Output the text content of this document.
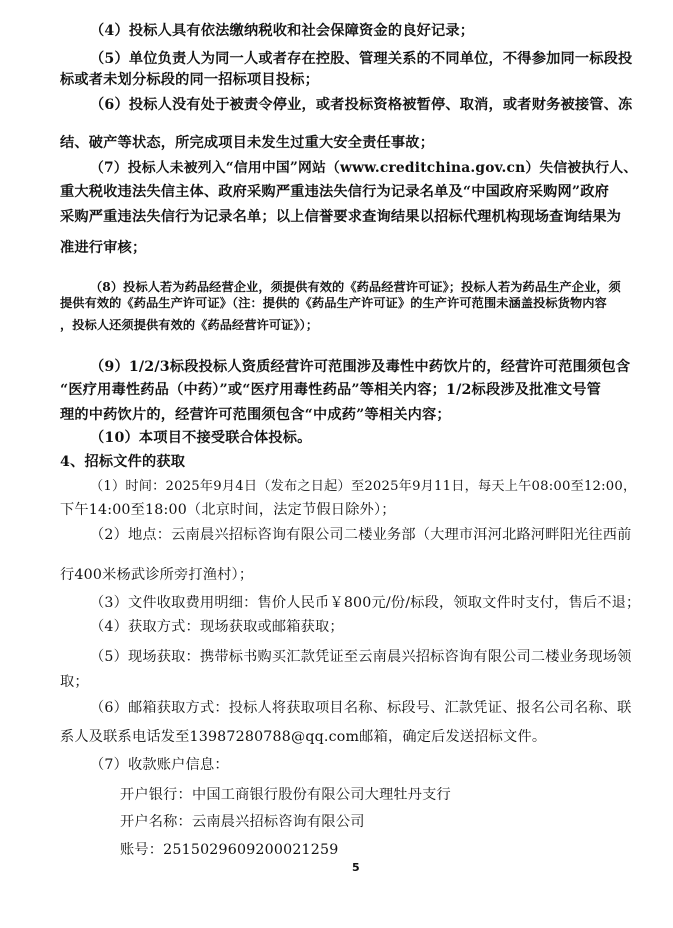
（4）投标人具有依法缴纳税收和社会保障资金的良好记录；
（5）单位负责人为同一人或者存在控股、管理关系的不同单位，不得参加同一标段投
标或者未划分标段的同一招标项目投标；
（6）投标人没有处于被责令停业，或者投标资格被暂停、取消，或者财务被接管、冻
结、破产等状态，所完成项目未发生过重大安全责任事故；
（7）投标人未被列入“信用中国”网站（www.creditchina.gov.cn）失信被执行人、
重大税收违法失信主体、政府采购严重违法失信行为记录名单及“中国政府采购网”政府
采购严重违法失信行为记录名单；以上信誉要求查询结果以招标代理机构现场查询结果为
准进行审核；
（8）投标人若为药品经营企业，须提供有效的《药品经营许可证》；投标人若为药品生产企业，须
提供有效的《药品生产许可证》（注：提供的《药品生产许可证》的生产许可范围未涵盖投标货物内容
，投标人还须提供有效的《药品经营许可证》）；
（9）1/2/3标段投标人资质经营许可范围涉及毒性中药饮片的，经营许可范围须包含
“医疗用毒性药品（中药）”或“医疗用毒性药品”等相关内容；1/2标段涉及批准文号管
理的中药饮片的，经营许可范围须包含“中成药”等相关内容；
（10）本项目不接受联合体投标。
4、招标文件的获取
（1）时间：2025年9月4日（发布之日起）至2025年9月11日，每天上午08:00至12:00，
下午14:00至18:00（北京时间，法定节假日除外）；
（2）地点：云南晨兴招标咨询有限公司二楼业务部（大理市洱河北路河畔阳光往西前
行400米杨武诊所旁打渔村）；
（3）文件收取费用明细：售价人民币￥800元/份/标段，领取文件时支付，售后不退；
（4）获取方式：现场获取或邮箱获取；
（5）现场获取：携带标书购买汇款凭证至云南晨兴招标咨询有限公司二楼业务现场领
取；
（6）邮箱获取方式：投标人将获取项目名称、标段号、汇款凭证、报名公司名称、联
系人及联系电话发至13987280788@qq.com邮箱，确定后发送招标文件。
（7）收款账户信息：
开户银行：中国工商银行股份有限公司大理牡丹支行
开户名称：云南晨兴招标咨询有限公司
账号：2515029609200021259
5
